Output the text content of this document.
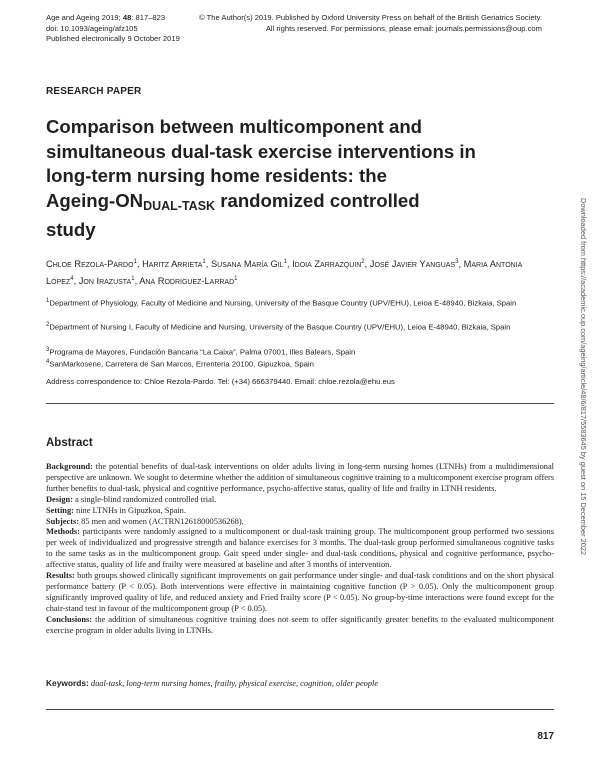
Age and Ageing 2019; 48: 817–823
doi: 10.1093/ageing/afz105
Published electronically 9 October 2019
© The Author(s) 2019. Published by Oxford University Press on behalf of the British Geriatrics Society.
All rights reserved. For permissions, please email: journals.permissions@oup.com
RESEARCH PAPER
Comparison between multicomponent and
simultaneous dual-task exercise interventions in
long-term nursing home residents: the
Ageing-$ON_{DUAL-TASK}$ randomized controlled
study
Chloe Rezola-Pardo$^1$, Haritz Arrieta$^1$, Susana María Gil$^1$, Idoia Zarrazquin$^2$, José Javier Yanguas$^3$, Maria Antonia López$^4$, Jon Irazusta$^1$, Ana Rodriguez-Larrad$^1$
$^1$Department of Physiology, Faculty of Medicine and Nursing, University of the Basque Country (UPV/EHU), Leioa E-48940, Bizkaia, Spain
$^2$Department of Nursing I, Faculty of Medicine and Nursing, University of the Basque Country (UPV/EHU), Leioa E-48940, Bizkaia, Spain
$^3$Programa de Mayores, Fundación Bancaria “La Caixa”, Palma 07001, Illes Balears, Spain
$^4$SanMarkosene, Carretera de San Marcos, Errenteria 20100, Gipuzkoa, Spain
Address correspondence to: Chloe Rezola-Pardo. Tel: (+34) 666379440. Email: chloe.rezola@ehu.eus
Abstract

Background: the potential benefits of dual-task interventions on older adults living in long-term nursing homes (LTNHs) from a multidimensional perspective are unknown. We sought to determine whether the addition of simultaneous cognitive training to a multicomponent exercise program offers further benefits to dual-task, physical and cognitive performance, psycho-affective status, quality of life and frailty in LTNH residents.

Design: a single-blind randomized controlled trial.

Setting: nine LTNHs in Gipuzkoa, Spain.

Subjects: 85 men and women (ACTRN12618000536268).

Methods: participants were randomly assigned to a multicomponent or dual-task training group. The multicomponent group performed two sessions per week of individualized and progressive strength and balance exercises for 3 months. The dual-task group performed simultaneous cognitive tasks to the same tasks as in the multicomponent group. Gait speed under single- and dual-task conditions, physical and cognitive performance, psycho-affective status, quality of life and frailty were measured at baseline and after 3 months of intervention.

Results: both groups showed clinically significant improvements on gait performance under single- and dual-task conditions and on the short physical performance battery (P < 0.05). Both interventions were effective in maintaining cognitive function (P > 0.05). Only the multicomponent group significantly improved quality of life, and reduced anxiety and Fried frailty score (P < 0.05). No group-by-time interactions were found except for the chair-stand test in favour of the multicomponent group (P < 0.05).

Conclusions: the addition of simultaneous cognitive training does not seem to offer significantly greater benefits to the evaluated multicomponent exercise program in older adults living in LTNHs.

Keywords: dual-task, long-term nursing homes, frailty, physical exercise, cognition, older people
817
Downloaded from https://academic.oup.com/ageing/article/48/6/817/5583645 by guest on 15 December 2022
